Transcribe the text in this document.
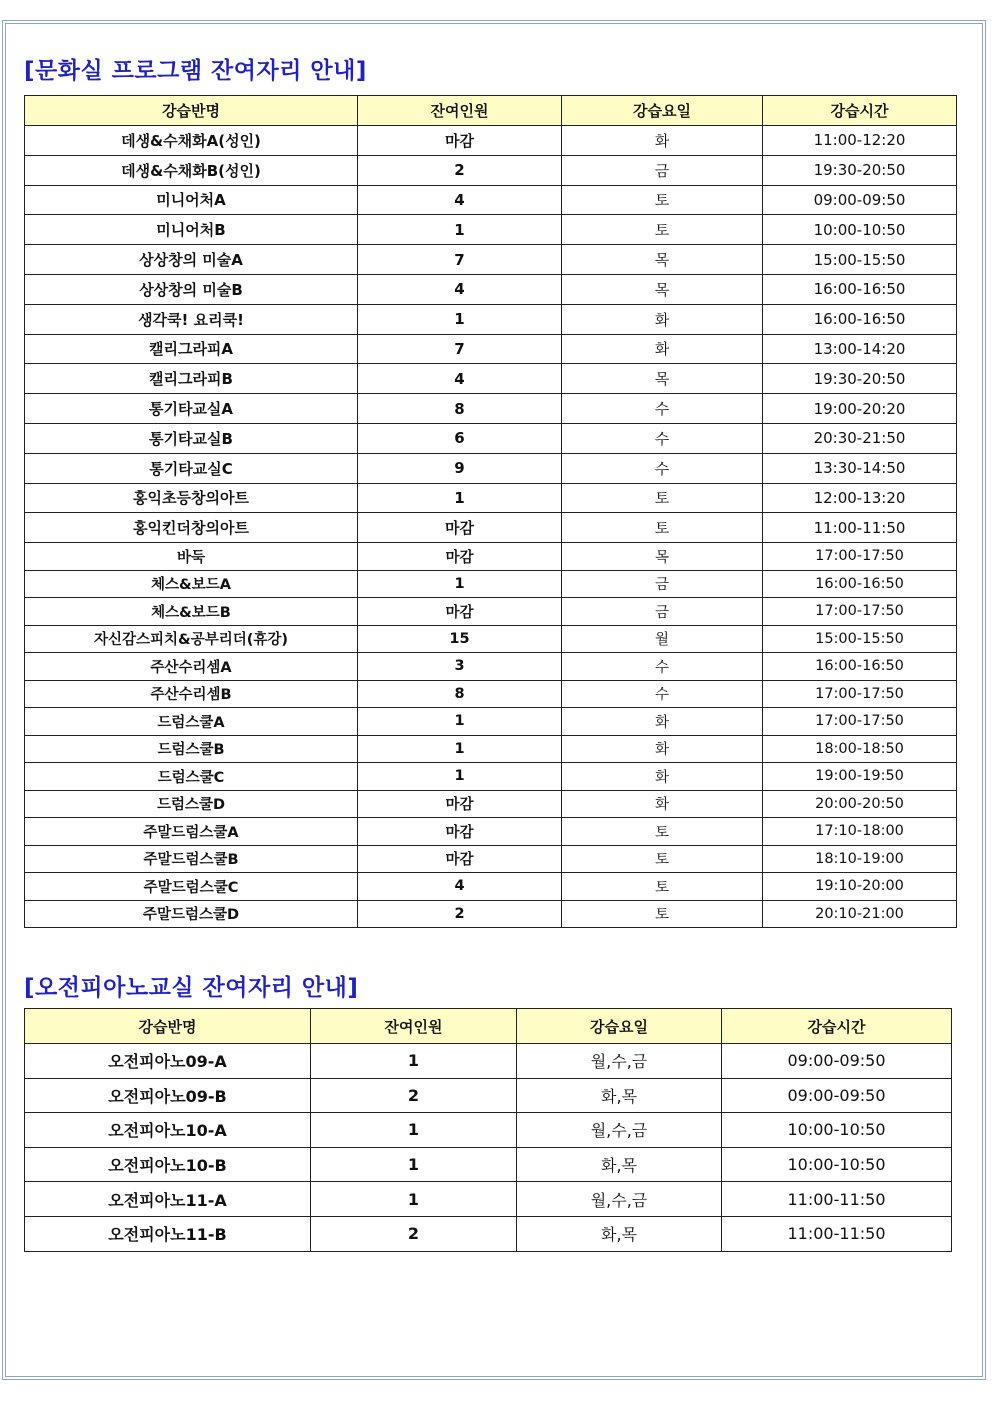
[문화실 프로그램 잔여자리 안내]
강습반명	잔여인원	강습요일	강습시간
데생&수채화A(성인)	마감	화	11:00-12:20
데생&수채화B(성인)	2	금	19:30-20:50
미니어처A	4	토	09:00-09:50
미니어처B	1	토	10:00-10:50
상상창의 미술A	7	목	15:00-15:50
상상창의 미술B	4	목	16:00-16:50
생각쿡! 요리쿡!	1	화	16:00-16:50
캘리그라피A	7	화	13:00-14:20
캘리그라피B	4	목	19:30-20:50
통기타교실A	8	수	19:00-20:20
통기타교실B	6	수	20:30-21:50
통기타교실C	9	수	13:30-14:50
홍익초등창의아트	1	토	12:00-13:20
홍익킨더창의아트	마감	토	11:00-11:50
바둑	마감	목	17:00-17:50
체스&보드A	1	금	16:00-16:50
체스&보드B	마감	금	17:00-17:50
자신감스피치&공부리더(휴강)	15	월	15:00-15:50
주산수리셈A	3	수	16:00-16:50
주산수리셈B	8	수	17:00-17:50
드럼스쿨A	1	화	17:00-17:50
드럼스쿨B	1	화	18:00-18:50
드럼스쿨C	1	화	19:00-19:50
드럼스쿨D	마감	화	20:00-20:50
주말드럼스쿨A	마감	토	17:10-18:00
주말드럼스쿨B	마감	토	18:10-19:00
주말드럼스쿨C	4	토	19:10-20:00
주말드럼스쿨D	2	토	20:10-21:00
[오전피아노교실 잔여자리 안내]
강습반명	잔여인원	강습요일	강습시간
오전피아노09-A	1	월,수,금	09:00-09:50
오전피아노09-B	2	화,목	09:00-09:50
오전피아노10-A	1	월,수,금	10:00-10:50
오전피아노10-B	1	화,목	10:00-10:50
오전피아노11-A	1	월,수,금	11:00-11:50
오전피아노11-B	2	화,목	11:00-11:50
